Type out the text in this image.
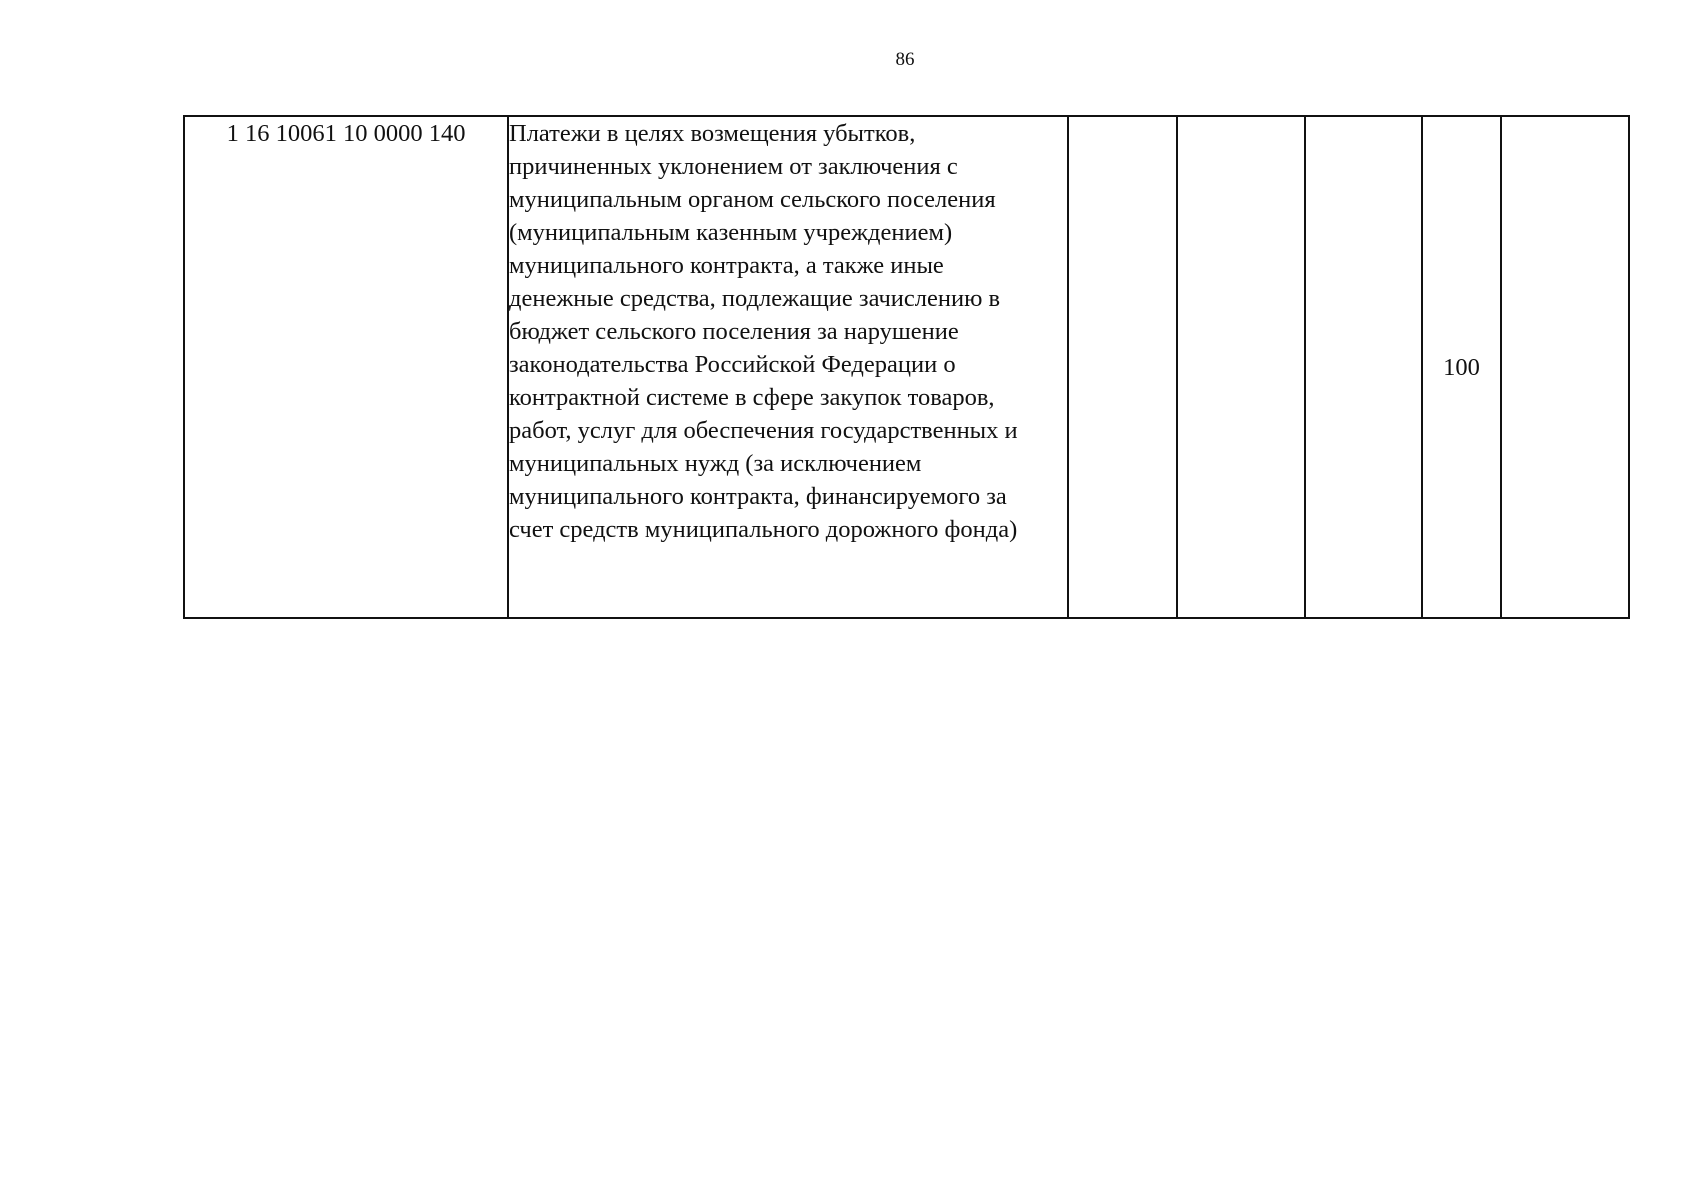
86
1 16 10061 10 0000 140	Платежи в целях возмещения убытков,
причиненных уклонением от заключения с
муниципальным органом сельского поселения
(муниципальным казенным учреждением)
муниципального контракта, а также иные
денежные средства, подлежащие зачислению в
бюджет сельского поселения за нарушение
законодательства Российской Федерации о
контрактной системе в сфере закупок товаров,
работ, услуг для обеспечения государственных и
муниципальных нужд (за исключением
муниципального контракта, финансируемого за
счет средств муниципального дорожного фонда)
				100	
